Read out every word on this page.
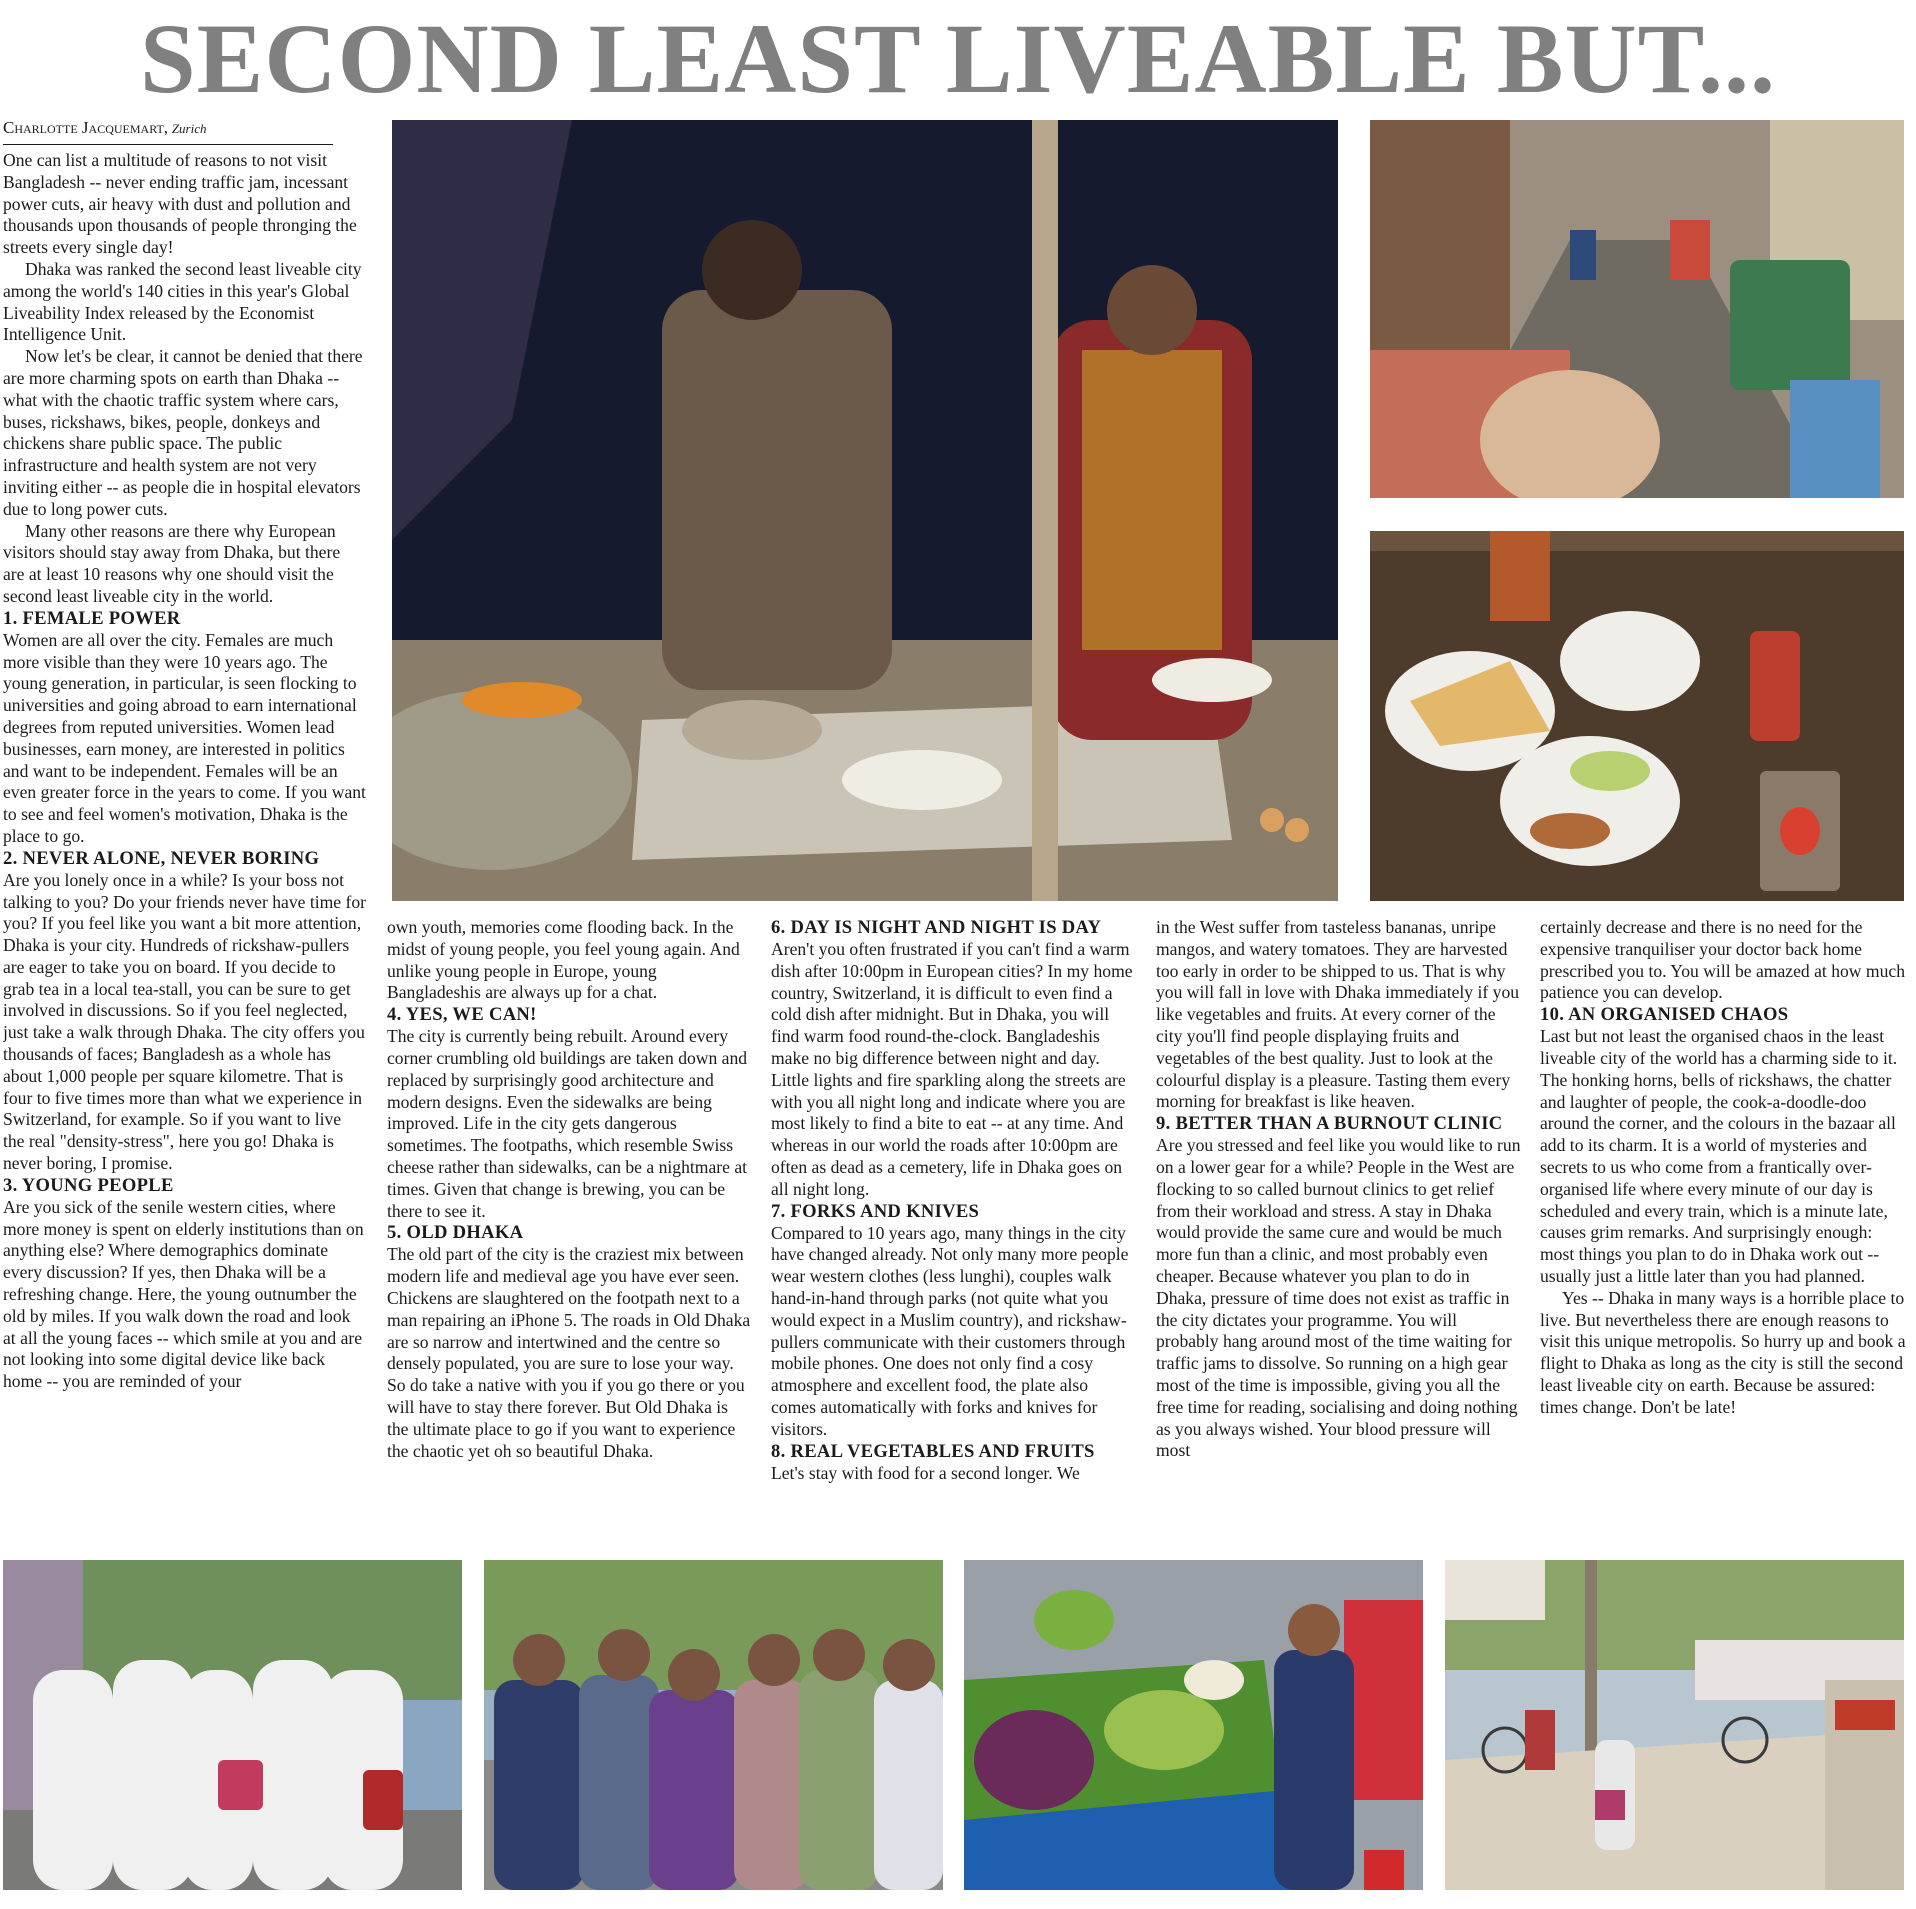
SECOND LEAST LIVEABLE BUT...
Charlotte Jacquemart, Zurich

One can list a multitude of reasons to not visit Bangladesh -- never ending traffic jam, incessant power cuts, air heavy with dust and pollution and thousands upon thousands of people thronging the streets every single day!

Dhaka was ranked the second least liveable city among the world's 140 cities in this year's Global Liveability Index released by the Economist Intelligence Unit.

Now let's be clear, it cannot be denied that there are more charming spots on earth than Dhaka -- what with the chaotic traffic system where cars, buses, rickshaws, bikes, people, donkeys and chickens share public space. The public infrastructure and health system are not very inviting either -- as people die in hospital elevators due to long power cuts.

Many other reasons are there why European visitors should stay away from Dhaka, but there are at least 10 reasons why one should visit the second least liveable city in the world.

1. FEMALE POWER

Women are all over the city. Females are much more visible than they were 10 years ago. The young generation, in particular, is seen flocking to universities and going abroad to earn international degrees from reputed universities. Women lead businesses, earn money, are interested in politics and want to be independent. Females will be an even greater force in the years to come. If you want to see and feel women's motivation, Dhaka is the place to go.

2. NEVER ALONE, NEVER BORING

Are you lonely once in a while? Is your boss not talking to you? Do your friends never have time for you? If you feel like you want a bit more attention, Dhaka is your city. Hundreds of rickshaw-pullers are eager to take you on board. If you decide to grab tea in a local tea-stall, you can be sure to get involved in discussions. So if you feel neglected, just take a walk through Dhaka. The city offers you thousands of faces; Bangladesh as a whole has about 1,000 people per square kilometre. That is four to five times more than what we experience in Switzerland, for example. So if you want to live the real "density-stress", here you go! Dhaka is never boring, I promise.

3. YOUNG PEOPLE

Are you sick of the senile western cities, where more money is spent on elderly institutions than on anything else? Where demographics dominate every discussion? If yes, then Dhaka will be a refreshing change. Here, the young outnumber the old by miles. If you walk down the road and look at all the young faces -- which smile at you and are not looking into some digital device like back home -- you are reminded of your

own youth, memories come flooding back. In the midst of young people, you feel young again. And unlike young people in Europe, young Bangladeshis are always up for a chat.

4. YES, WE CAN!

The city is currently being rebuilt. Around every corner crumbling old buildings are taken down and replaced by surprisingly good architecture and modern designs. Even the sidewalks are being improved. Life in the city gets dangerous sometimes. The footpaths, which resemble Swiss cheese rather than sidewalks, can be a nightmare at times. Given that change is brewing, you can be there to see it.

5. OLD DHAKA

The old part of the city is the craziest mix between modern life and medieval age you have ever seen. Chickens are slaughtered on the footpath next to a man repairing an iPhone 5. The roads in Old Dhaka are so narrow and intertwined and the centre so densely populated, you are sure to lose your way. So do take a native with you if you go there or you will have to stay there forever. But Old Dhaka is the ultimate place to go if you want to experience the chaotic yet oh so beautiful Dhaka.

6. DAY IS NIGHT AND NIGHT IS DAY

Aren't you often frustrated if you can't find a warm dish after 10:00pm in European cities? In my home country, Switzerland, it is difficult to even find a cold dish after midnight. But in Dhaka, you will find warm food round-the-clock. Bangladeshis make no big difference between night and day. Little lights and fire sparkling along the streets are with you all night long and indicate where you are most likely to find a bite to eat -- at any time. And whereas in our world the roads after 10:00pm are often as dead as a cemetery, life in Dhaka goes on all night long.

7. FORKS AND KNIVES

Compared to 10 years ago, many things in the city have changed already. Not only many more people wear western clothes (less lunghi), couples walk hand-in-hand through parks (not quite what you would expect in a Muslim country), and rickshaw-pullers communicate with their customers through mobile phones. One does not only find a cosy atmosphere and excellent food, the plate also comes automatically with forks and knives for visitors.

8. REAL VEGETABLES AND FRUITS

Let's stay with food for a second longer. We

in the West suffer from tasteless bananas, unripe mangos, and watery tomatoes. They are harvested too early in order to be shipped to us. That is why you will fall in love with Dhaka immediately if you like vegetables and fruits. At every corner of the city you'll find people displaying fruits and vegetables of the best quality. Just to look at the colourful display is a pleasure. Tasting them every morning for breakfast is like heaven.

9. BETTER THAN A BURNOUT CLINIC

Are you stressed and feel like you would like to run on a lower gear for a while? People in the West are flocking to so called burnout clinics to get relief from their workload and stress. A stay in Dhaka would provide the same cure and would be much more fun than a clinic, and most probably even cheaper. Because whatever you plan to do in Dhaka, pressure of time does not exist as traffic in the city dictates your programme. You will probably hang around most of the time waiting for traffic jams to dissolve. So running on a high gear most of the time is impossible, giving you all the free time for reading, socialising and doing nothing as you always wished. Your blood pressure will most

certainly decrease and there is no need for the expensive tranquiliser your doctor back home prescribed you to. You will be amazed at how much patience you can develop.

10. AN ORGANISED CHAOS

Last but not least the organised chaos in the least liveable city of the world has a charming side to it. The honking horns, bells of rickshaws, the chatter and laughter of people, the cook-a-doodle-doo around the corner, and the colours in the bazaar all add to its charm. It is a world of mysteries and secrets to us who come from a frantically over-organised life where every minute of our day is scheduled and every train, which is a minute late, causes grim remarks. And surprisingly enough: most things you plan to do in Dhaka work out -- usually just a little later than you had planned.

Yes -- Dhaka in many ways is a horrible place to live. But nevertheless there are enough reasons to visit this unique metropolis. So hurry up and book a flight to Dhaka as long as the city is still the second least liveable city on earth. Because be assured: times change. Don't be late!
